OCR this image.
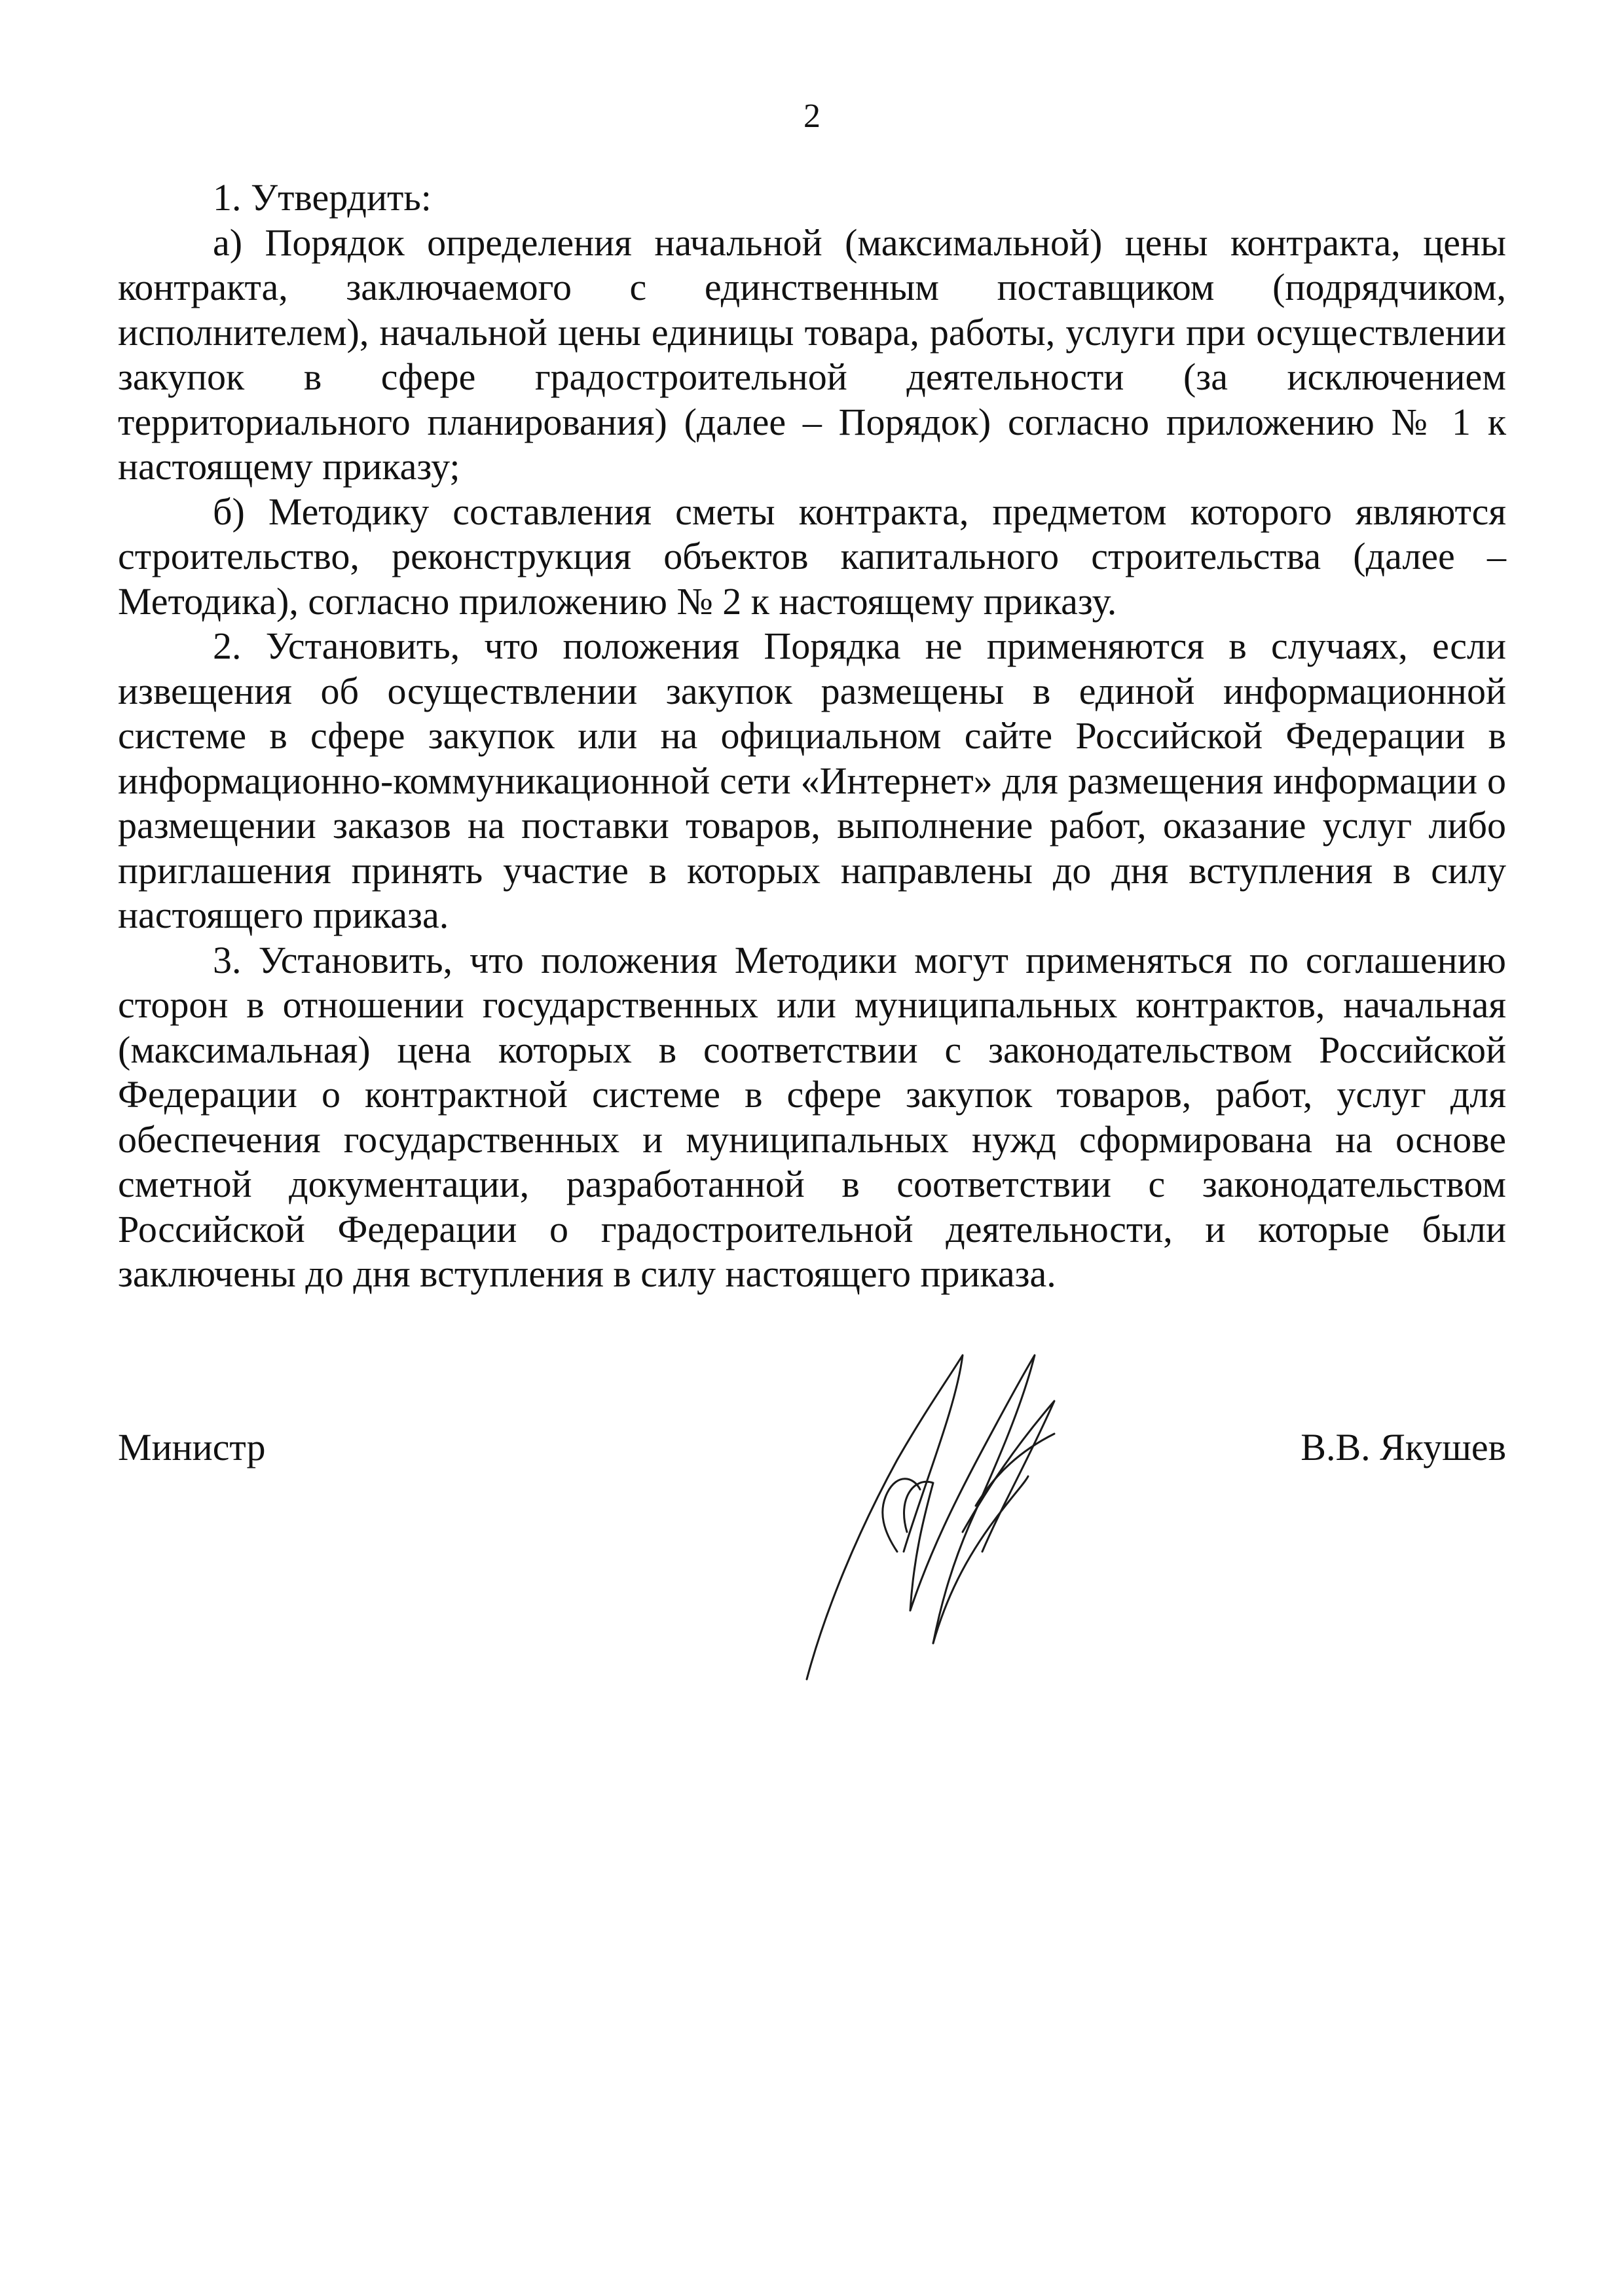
2

1. Утвердить:

а) Порядок определения начальной (максимальной) цены контракта, цены контракта, заключаемого с единственным поставщиком (подрядчиком, исполнителем), начальной цены единицы товара, работы, услуги при осуществлении закупок в сфере градостроительной деятельности (за исключением территориального планирования) (далее – Порядок) согласно приложению № 1 к настоящему приказу;

б) Методику составления сметы контракта, предметом которого являются строительство, реконструкция объектов капитального строительства (далее – Методика), согласно приложению № 2 к настоящему приказу.

2. Установить, что положения Порядка не применяются в случаях, если извещения об осуществлении закупок размещены в единой информационной системе в сфере закупок или на официальном сайте Российской Федерации в информационно-коммуникационной сети «Интернет» для размещения информации о размещении заказов на поставки товаров, выполнение работ, оказание услуг либо приглашения принять участие в которых направлены до дня вступления в силу настоящего приказа.

3. Установить, что положения Методики могут применяться по соглашению сторон в отношении государственных или муниципальных контрактов, начальная (максимальная) цена которых в соответствии с законодательством Российской Федерации о контрактной системе в сфере закупок товаров, работ, услуг для обеспечения государственных и муниципальных нужд сформирована на основе сметной документации, разработанной в соответствии с законодательством Российской Федерации о градостроительной деятельности, и которые были заключены до дня вступления в силу настоящего приказа.

Министр	В.В. Якушев
